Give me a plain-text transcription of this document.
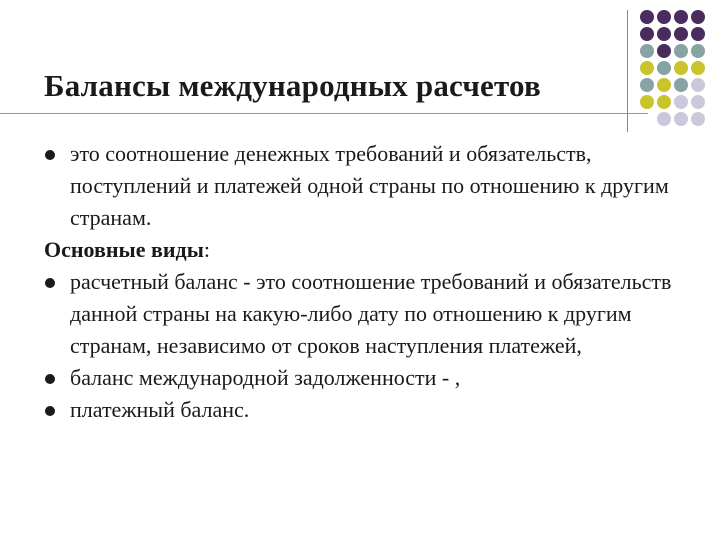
Балансы международных расчетов
это соотношение денежных требований и обязательств, поступлений и платежей одной страны по отношению к другим странам.
Основные виды:
расчетный баланс - это соотношение требований и обязательств данной страны на какую-либо дату по отношению к другим странам, независимо от сроков наступления платежей,
баланс международной задолженности - ,
платежный баланс.
